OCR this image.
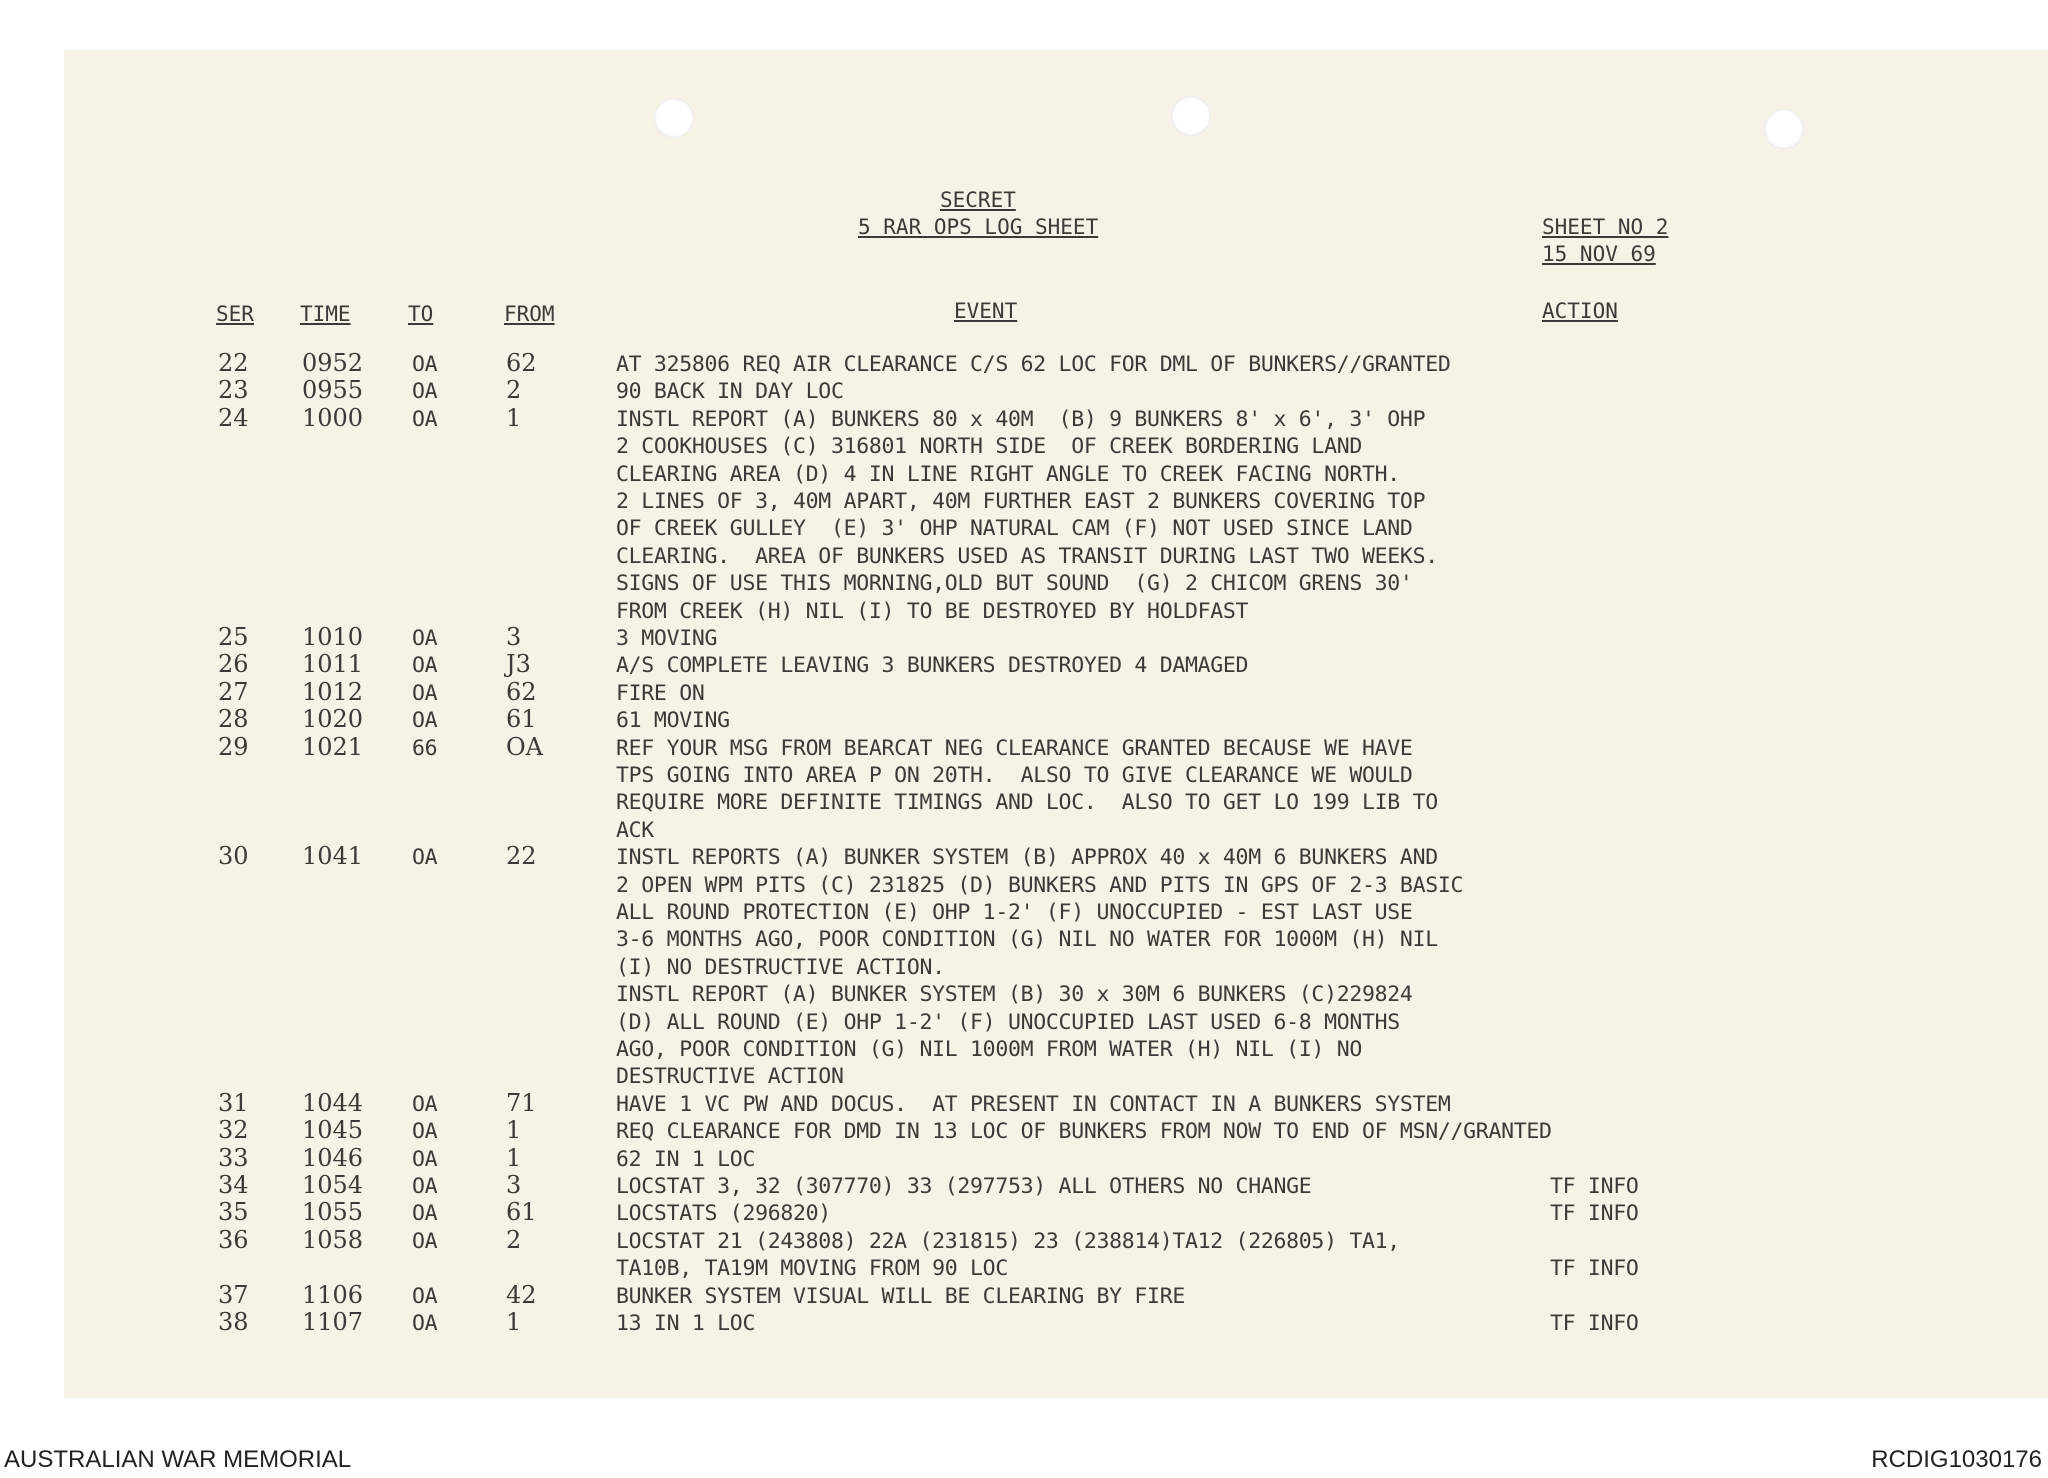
SECRET
5 RAR OPS LOG SHEET	SHEET NO 2
15 NOV 69
SER TIME	TO	FROM	EVENT	ACTION
22 0952 OA	62	AT 325806 REQ AIR CLEARANCE C/S 62 LOC FOR DML OF BUNKERS//GRANTED
23 0955 OA	2	90 BACK IN DAY LOC
24 1000 OA	1	INSTL REPORT (A) BUNKERS 80 x 40M  (B) 9 BUNKERS 8' x 6', 3' OHP
2 COOKHOUSES (C) 316801 NORTH SIDE  OF CREEK BORDERING LAND
CLEARING AREA (D) 4 IN LINE RIGHT ANGLE TO CREEK FACING NORTH.
2 LINES OF 3, 40M APART, 40M FURTHER EAST 2 BUNKERS COVERING TOP
OF CREEK GULLEY  (E) 3' OHP NATURAL CAM (F) NOT USED SINCE LAND
CLEARING.  AREA OF BUNKERS USED AS TRANSIT DURING LAST TWO WEEKS.
SIGNS OF USE THIS MORNING,OLD BUT SOUND  (G) 2 CHICOM GRENS 30'
FROM CREEK (H) NIL (I) TO BE DESTROYED BY HOLDFAST
25 1010 OA	3	3 MOVING
26 1011 OA	J3	A/S COMPLETE LEAVING 3 BUNKERS DESTROYED 4 DAMAGED
27 1012 OA	62	FIRE ON
28 1020 OA	61	61 MOVING
29 1021 66	OA	REF YOUR MSG FROM BEARCAT NEG CLEARANCE GRANTED BECAUSE WE HAVE
TPS GOING INTO AREA P ON 20TH.  ALSO TO GIVE CLEARANCE WE WOULD
REQUIRE MORE DEFINITE TIMINGS AND LOC.  ALSO TO GET LO 199 LIB TO
ACK
30 1041 OA	22	INSTL REPORTS (A) BUNKER SYSTEM (B) APPROX 40 x 40M 6 BUNKERS AND
2 OPEN WPM PITS (C) 231825 (D) BUNKERS AND PITS IN GPS OF 2-3 BASIC
ALL ROUND PROTECTION (E) OHP 1-2' (F) UNOCCUPIED - EST LAST USE
3-6 MONTHS AGO, POOR CONDITION (G) NIL NO WATER FOR 1000M (H) NIL
(I) NO DESTRUCTIVE ACTION.
INSTL REPORT (A) BUNKER SYSTEM (B) 30 x 30M 6 BUNKERS (C)229824
(D) ALL ROUND (E) OHP 1-2' (F) UNOCCUPIED LAST USED 6-8 MONTHS
AGO, POOR CONDITION (G) NIL 1000M FROM WATER (H) NIL (I) NO
DESTRUCTIVE ACTION
31 1044 OA	71	HAVE 1 VC PW AND DOCUS.  AT PRESENT IN CONTACT IN A BUNKERS SYSTEM
32 1045 OA	1	REQ CLEARANCE FOR DMD IN 13 LOC OF BUNKERS FROM NOW TO END OF MSN//GRANTED
33 1046 OA	1	62 IN 1 LOC
34 1054 OA	3	LOCSTAT 3, 32 (307770) 33 (297753) ALL OTHERS NO CHANGE	TF INFO
35 1055 OA	61	LOCSTATS (296820)	TF INFO
36 1058 OA	2	LOCSTAT 21 (243808) 22A (231815) 23 (238814)TA12 (226805) TA1,
TA10B, TA19M MOVING FROM 90 LOC	TF INFO
37 1106 OA	42	BUNKER SYSTEM VISUAL WILL BE CLEARING BY FIRE
38 1107 OA	1	13 IN 1 LOC	TF INFO
AUSTRALIAN WAR MEMORIAL	RCDIG1030176
